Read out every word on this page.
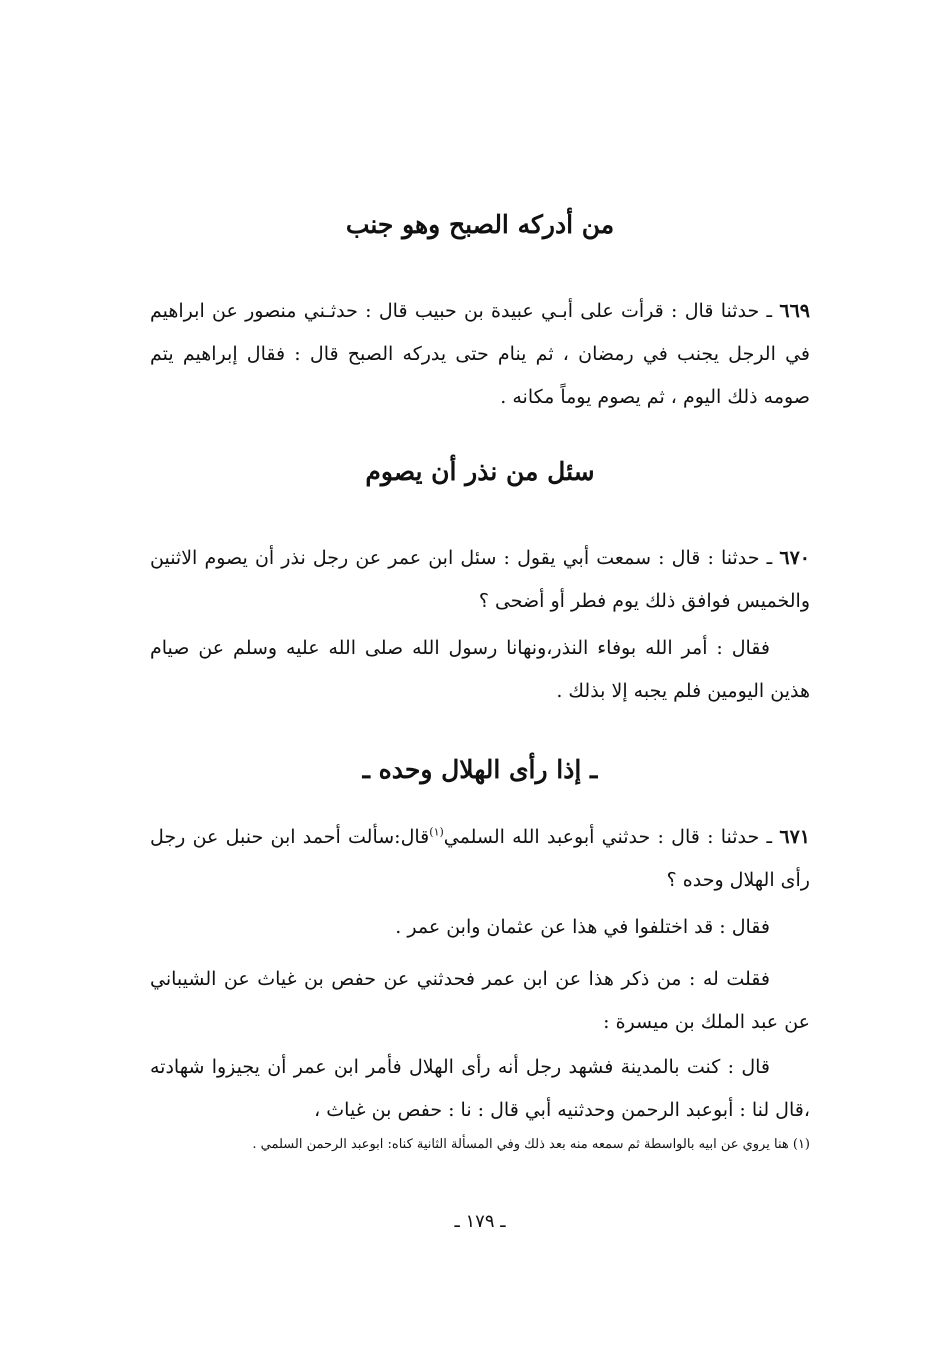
من أدركه الصبح وهو جنب
٦٦٩ ـ حدثنا قال : قرأت على أبـي عبيدة بن حبيب قال : حدثـني منصور عن ابراهيم في الرجل يجنب في رمضان ، ثم ينام حتى يدركه الصبح قال : فقال إبراهيم يتم صومه ذلك اليوم ، ثم يصوم يوماً مكانه .
سئل من نذر أن يصوم
٦٧٠ ـ حدثنا : قال : سمعت أبي يقول : سئل ابن عمر عن رجل نذر أن يصوم الاثنين والخميس فوافق ذلك يوم فطر أو أضحى ؟
فقال : أمر الله بوفاء النذر،ونهانا رسول الله صلى الله عليه وسلم عن صيام هذين اليومين فلم يجبه إلا بذلك .
ـ إذا رأى الهلال وحده ـ
٦٧١ ـ حدثنا : قال : حدثني أبوعبد الله السلمي$^{(١)}$قال:سألت أحمد ابن حنبل عن رجل رأى الهلال وحده ؟
فقال : قد اختلفوا في هذا عن عثمان وابن عمر .
فقلت له : من ذكر هذا عن ابن عمر فحدثني عن حفص بن غياث عن الشيباني عن عبد الملك بن ميسرة :
قال : كنت بالمدينة فشهد رجل أنه رأى الهلال فأمر ابن عمر أن يجيزوا شهادته ،قال لنا : أبوعبد الرحمن وحدثنيه أبي قال : نا : حفص بن غياث ،
(١) هنا يروي عن ابيه بالواسطة ثم سمعه منه بعد ذلك وفي المسألة الثانية كناه: ابوعبد الرحمن السلمي .
ـ ١٧٩ ـ
